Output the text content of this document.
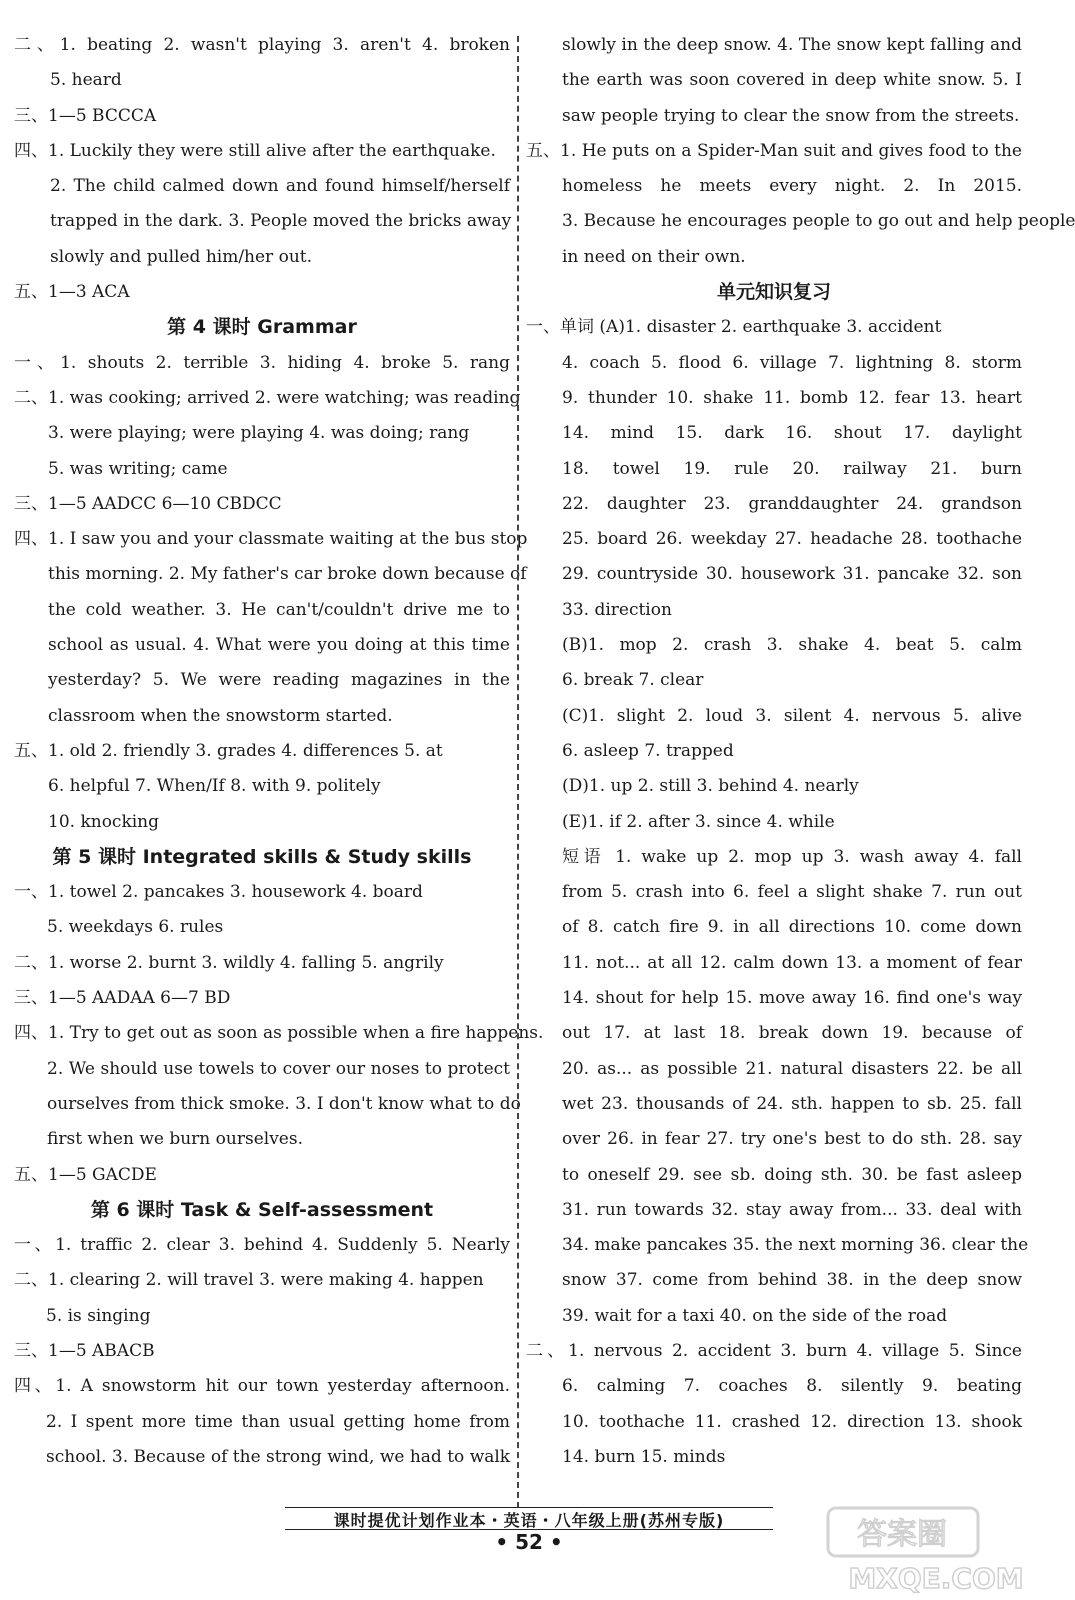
二、1. beating 2. wasn't playing 3. aren't 4. broken
5. heard
三、1—5 BCCCA
四、1. Luckily they were still alive after the earthquake.
2. The child calmed down and found himself/herself
trapped in the dark. 3. People moved the bricks away
slowly and pulled him/her out.
五、1—3 ACA
第 4 课时 Grammar
一、1. shouts 2. terrible 3. hiding 4. broke 5. rang
二、1. was cooking; arrived 2. were watching; was reading
3. were playing; were playing 4. was doing; rang
5. was writing; came
三、1—5 AADCC 6—10 CBDCC
四、1. I saw you and your classmate waiting at the bus stop
this morning. 2. My father's car broke down because of
the cold weather. 3. He can't/couldn't drive me to
school as usual. 4. What were you doing at this time
yesterday? 5. We were reading magazines in the
classroom when the snowstorm started.
五、1. old 2. friendly 3. grades 4. differences 5. at
6. helpful 7. When/If 8. with 9. politely
10. knocking
第 5 课时 Integrated skills & Study skills
一、1. towel 2. pancakes 3. housework 4. board
5. weekdays 6. rules
二、1. worse 2. burnt 3. wildly 4. falling 5. angrily
三、1—5 AADAA 6—7 BD
四、1. Try to get out as soon as possible when a fire happens.
2. We should use towels to cover our noses to protect
ourselves from thick smoke. 3. I don't know what to do
first when we burn ourselves.
五、1—5 GACDE
第 6 课时 Task & Self-assessment
一、1. traffic 2. clear 3. behind 4. Suddenly 5. Nearly
二、1. clearing 2. will travel 3. were making 4. happen
5. is singing
三、1—5 ABACB
四、1. A snowstorm hit our town yesterday afternoon.
2. I spent more time than usual getting home from
school. 3. Because of the strong wind, we had to walk
slowly in the deep snow. 4. The snow kept falling and
the earth was soon covered in deep white snow. 5. I
saw people trying to clear the snow from the streets.
五、1. He puts on a Spider-Man suit and gives food to the
homeless he meets every night. 2. In 2015.
3. Because he encourages people to go out and help people
in need on their own.
单元知识复习
一、单词 (A)1. disaster 2. earthquake 3. accident
4. coach 5. flood 6. village 7. lightning 8. storm
9. thunder 10. shake 11. bomb 12. fear 13. heart
14. mind 15. dark 16. shout 17. daylight
18. towel 19. rule 20. railway 21. burn
22. daughter 23. granddaughter 24. grandson
25. board 26. weekday 27. headache 28. toothache
29. countryside 30. housework 31. pancake 32. son
33. direction
(B)1. mop 2. crash 3. shake 4. beat 5. calm
6. break 7. clear
(C)1. slight 2. loud 3. silent 4. nervous 5. alive
6. asleep 7. trapped
(D)1. up 2. still 3. behind 4. nearly
(E)1. if 2. after 3. since 4. while
短语 1. wake up 2. mop up 3. wash away 4. fall
from 5. crash into 6. feel a slight shake 7. run out
of 8. catch fire 9. in all directions 10. come down
11. not... at all 12. calm down 13. a moment of fear
14. shout for help 15. move away 16. find one's way
out 17. at last 18. break down 19. because of
20. as... as possible 21. natural disasters 22. be all
wet 23. thousands of 24. sth. happen to sb. 25. fall
over 26. in fear 27. try one's best to do sth. 28. say
to oneself 29. see sb. doing sth. 30. be fast asleep
31. run towards 32. stay away from... 33. deal with
34. make pancakes 35. the next morning 36. clear the
snow 37. come from behind 38. in the deep snow
39. wait for a taxi 40. on the side of the road
二、1. nervous 2. accident 3. burn 4. village 5. Since
6. calming 7. coaches 8. silently 9. beating
10. toothache 11. crashed 12. direction 13. shook
14. burn 15. minds
课时提优计划作业本・英语・八年级上册(苏州专版)
• 52 •	答案圈
MXQE.COM
